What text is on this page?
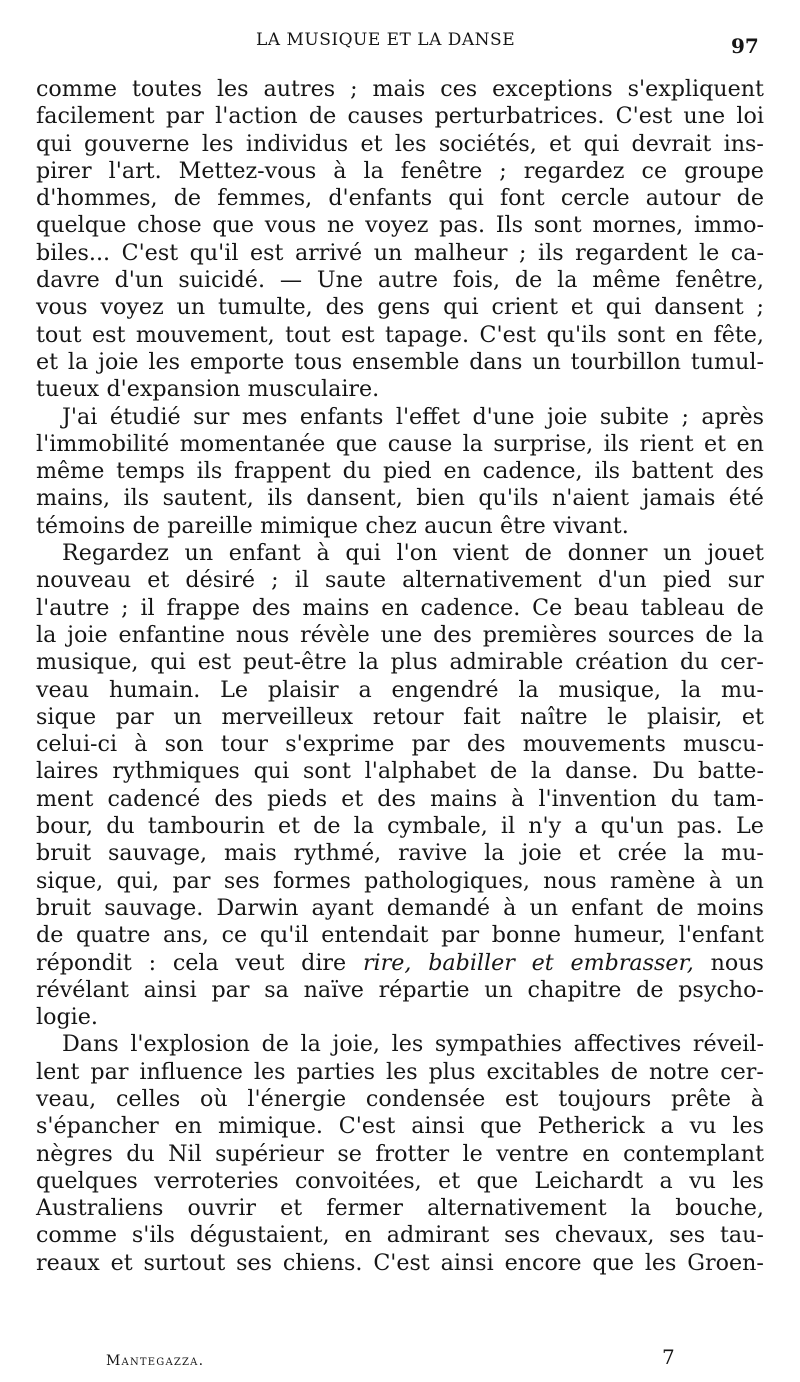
LA MUSIQUE ET LA DANSE	97
comme toutes les autres ; mais ces exceptions s'expliquent
facilement par l'action de causes perturbatrices. C'est une loi
qui gouverne les individus et les sociétés, et qui devrait ins-
pirer l'art. Mettez-vous à la fenêtre ; regardez ce groupe
d'hommes, de femmes, d'enfants qui font cercle autour de
quelque chose que vous ne voyez pas. Ils sont mornes, immo-
biles... C'est qu'il est arrivé un malheur ; ils regardent le ca-
davre d'un suicidé. — Une autre fois, de la même fenêtre,
vous voyez un tumulte, des gens qui crient et qui dansent ;
tout est mouvement, tout est tapage. C'est qu'ils sont en fête,
et la joie les emporte tous ensemble dans un tourbillon tumul-
tueux d'expansion musculaire.
J'ai étudié sur mes enfants l'effet d'une joie subite ; après
l'immobilité momentanée que cause la surprise, ils rient et en
même temps ils frappent du pied en cadence, ils battent des
mains, ils sautent, ils dansent, bien qu'ils n'aient jamais été
témoins de pareille mimique chez aucun être vivant.
Regardez un enfant à qui l'on vient de donner un jouet
nouveau et désiré ; il saute alternativement d'un pied sur
l'autre ; il frappe des mains en cadence. Ce beau tableau de
la joie enfantine nous révèle une des premières sources de la
musique, qui est peut-être la plus admirable création du cer-
veau humain. Le plaisir a engendré la musique, la mu-
sique par un merveilleux retour fait naître le plaisir, et
celui-ci à son tour s'exprime par des mouvements muscu-
laires rythmiques qui sont l'alphabet de la danse. Du batte-
ment cadencé des pieds et des mains à l'invention du tam-
bour, du tambourin et de la cymbale, il n'y a qu'un pas. Le
bruit sauvage, mais rythmé, ravive la joie et crée la mu-
sique, qui, par ses formes pathologiques, nous ramène à un
bruit sauvage. Darwin ayant demandé à un enfant de moins
de quatre ans, ce qu'il entendait par bonne humeur, l'enfant
répondit : cela veut dire rire, babiller et embrasser, nous
révélant ainsi par sa naïve répartie un chapitre de psycho-
logie.
Dans l'explosion de la joie, les sympathies affectives réveil-
lent par influence les parties les plus excitables de notre cer-
veau, celles où l'énergie condensée est toujours prête à
s'épancher en mimique. C'est ainsi que Petherick a vu les
nègres du Nil supérieur se frotter le ventre en contemplant
quelques verroteries convoitées, et que Leichardt a vu les
Australiens ouvrir et fermer alternativement la bouche,
comme s'ils dégustaient, en admirant ses chevaux, ses tau-
reaux et surtout ses chiens. C'est ainsi encore que les Groen-
Mantegazza.	7
